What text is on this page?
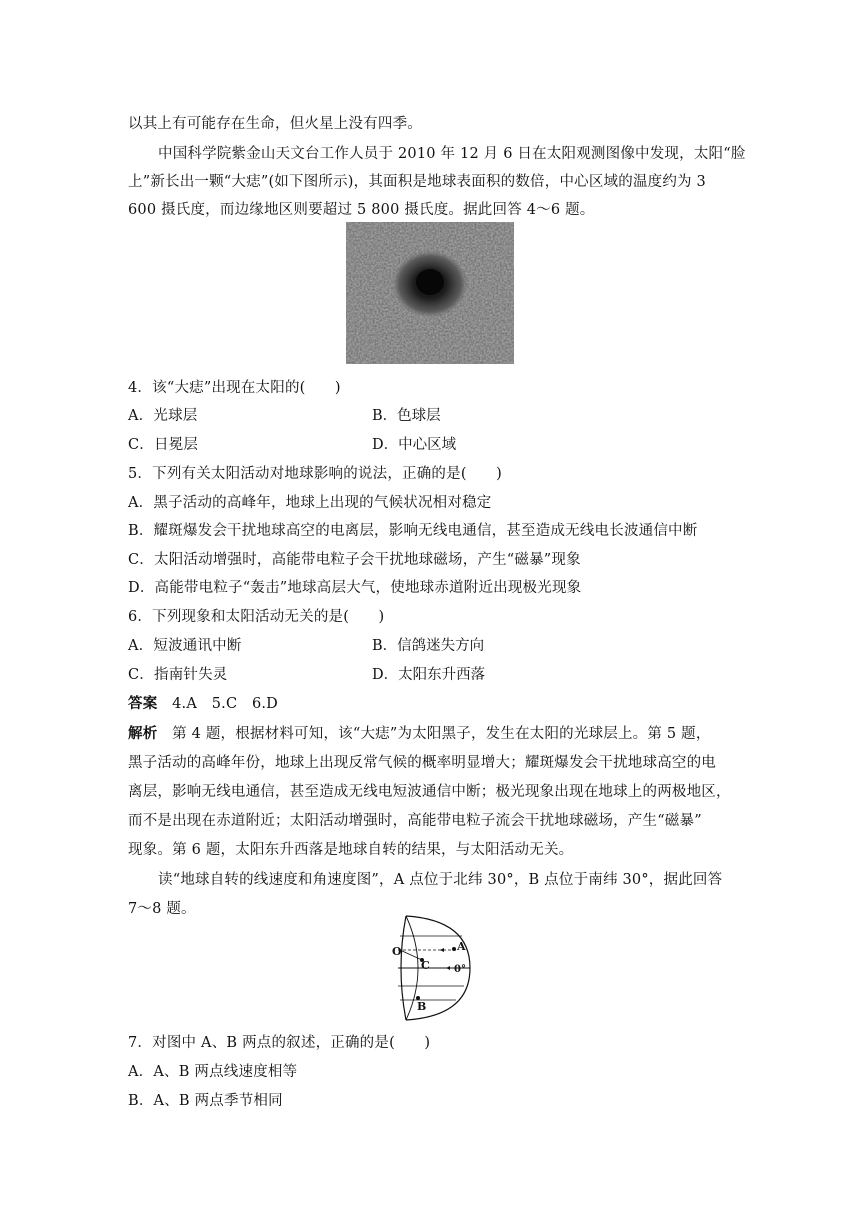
以其上有可能存在生命，但火星上没有四季。
中国科学院紫金山天文台工作人员于 2010 年 12 月 6 日在太阳观测图像中发现，太阳“脸
上”新长出一颗“大痣”(如下图所示)，其面积是地球表面积的数倍，中心区域的温度约为 3
600 摄氏度，而边缘地区则要超过 5 800 摄氏度。据此回答 4～6 题。
4．该“大痣”出现在太阳的(　　)
A．光球层	B．色球层
C．日冕层	D．中心区域
5．下列有关太阳活动对地球影响的说法，正确的是(　　)
A．黑子活动的高峰年，地球上出现的气候状况相对稳定
B．耀斑爆发会干扰地球高空的电离层，影响无线电通信，甚至造成无线电长波通信中断
C．太阳活动增强时，高能带电粒子会干扰地球磁场，产生“磁暴”现象
D．高能带电粒子“轰击”地球高层大气，使地球赤道附近出现极光现象
6．下列现象和太阳活动无关的是(　　)
A．短波通讯中断	B．信鸽迷失方向
C．指南针失灵	D．太阳东升西落
答案　 4.A　5.C　6.D
解析　 第 4 题，根据材料可知，该“大痣”为太阳黑子，发生在太阳的光球层上。第 5 题，
黑子活动的高峰年份，地球上出现反常气候的概率明显增大；耀斑爆发会干扰地球高空的电
离层，影响无线电通信，甚至造成无线电短波通信中断；极光现象出现在地球上的两极地区，
而不是出现在赤道附近；太阳活动增强时，高能带电粒子流会干扰地球磁场，产生“磁暴”
现象。第 6 题，太阳东升西落是地球自转的结果，与太阳活动无关。
读“地球自转的线速度和角速度图”，A 点位于北纬 30°，B 点位于南纬 30°，据此回答
7～8 题。
O	A
C 0°
B
7．对图中 A、B 两点的叙述，正确的是(　　)
A．A、B 两点线速度相等
B．A、B 两点季节相同
